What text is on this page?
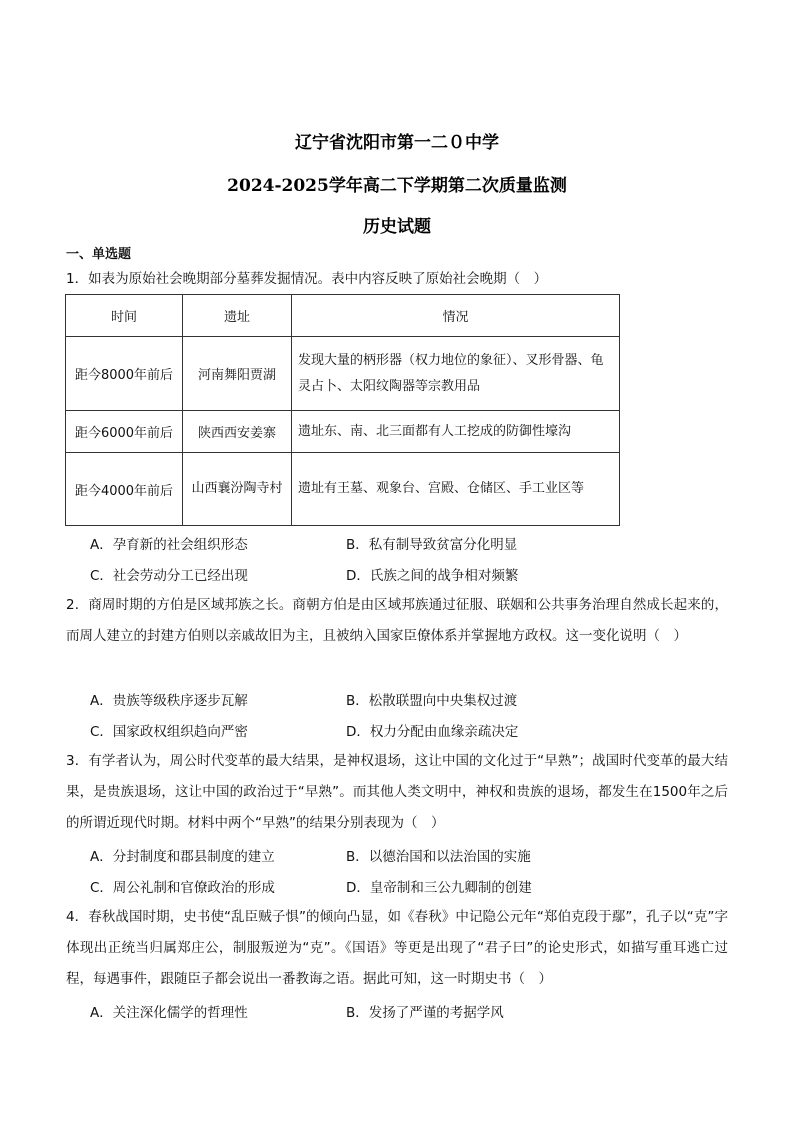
辽宁省沈阳市第一二０中学
2024-2025学年高二下学期第二次质量监测
历史试题
一、单选题
1．如表为原始社会晚期部分墓葬发掘情况。表中内容反映了原始社会晚期（　）
时间	遗址	情况
距今8000年前后	河南舞阳贾湖	发现大量的柄形器（权力地位的象征）、叉形骨器、龟灵占卜、太阳纹陶器等宗教用品
距今6000年前后	陕西西安姜寨	遗址东、南、北三面都有人工挖成的防御性壕沟
距今4000年前后	山西襄汾陶寺村	遗址有王墓、观象台、宫殿、仓储区、手工业区等
A．孕育新的社会组织形态	B．私有制导致贫富分化明显
C．社会劳动分工已经出现	D．氏族之间的战争相对频繁
2．商周时期的方伯是区域邦族之长。商朝方伯是由区域邦族通过征服、联姻和公共事务治理自然成长起来的，而周人建立的封建方伯则以亲戚故旧为主，且被纳入国家臣僚体系并掌握地方政权。这一变化说明（　）
A．贵族等级秩序逐步瓦解	B．松散联盟向中央集权过渡
C．国家政权组织趋向严密	D．权力分配由血缘亲疏决定
3．有学者认为，周公时代变革的最大结果，是神权退场，这让中国的文化过于“早熟”；战国时代变革的最大结果，是贵族退场，这让中国的政治过于“早熟”。而其他人类文明中，神权和贵族的退场，都发生在1500年之后的所谓近现代时期。材料中两个“早熟”的结果分别表现为（　）
A．分封制度和郡县制度的建立	B．以德治国和以法治国的实施
C．周公礼制和官僚政治的形成	D．皇帝制和三公九卿制的创建
4．春秋战国时期，史书使“乱臣贼子惧”的倾向凸显，如《春秋》中记隐公元年“郑伯克段于鄢”，孔子以“克”字体现出正统当归属郑庄公，制服叛逆为“克”。《国语》等更是出现了“君子曰”的论史形式，如描写重耳逃亡过程，每遇事件，跟随臣子都会说出一番教诲之语。据此可知，这一时期史书（　）
A．关注深化儒学的哲理性	B．发扬了严谨的考据学风
